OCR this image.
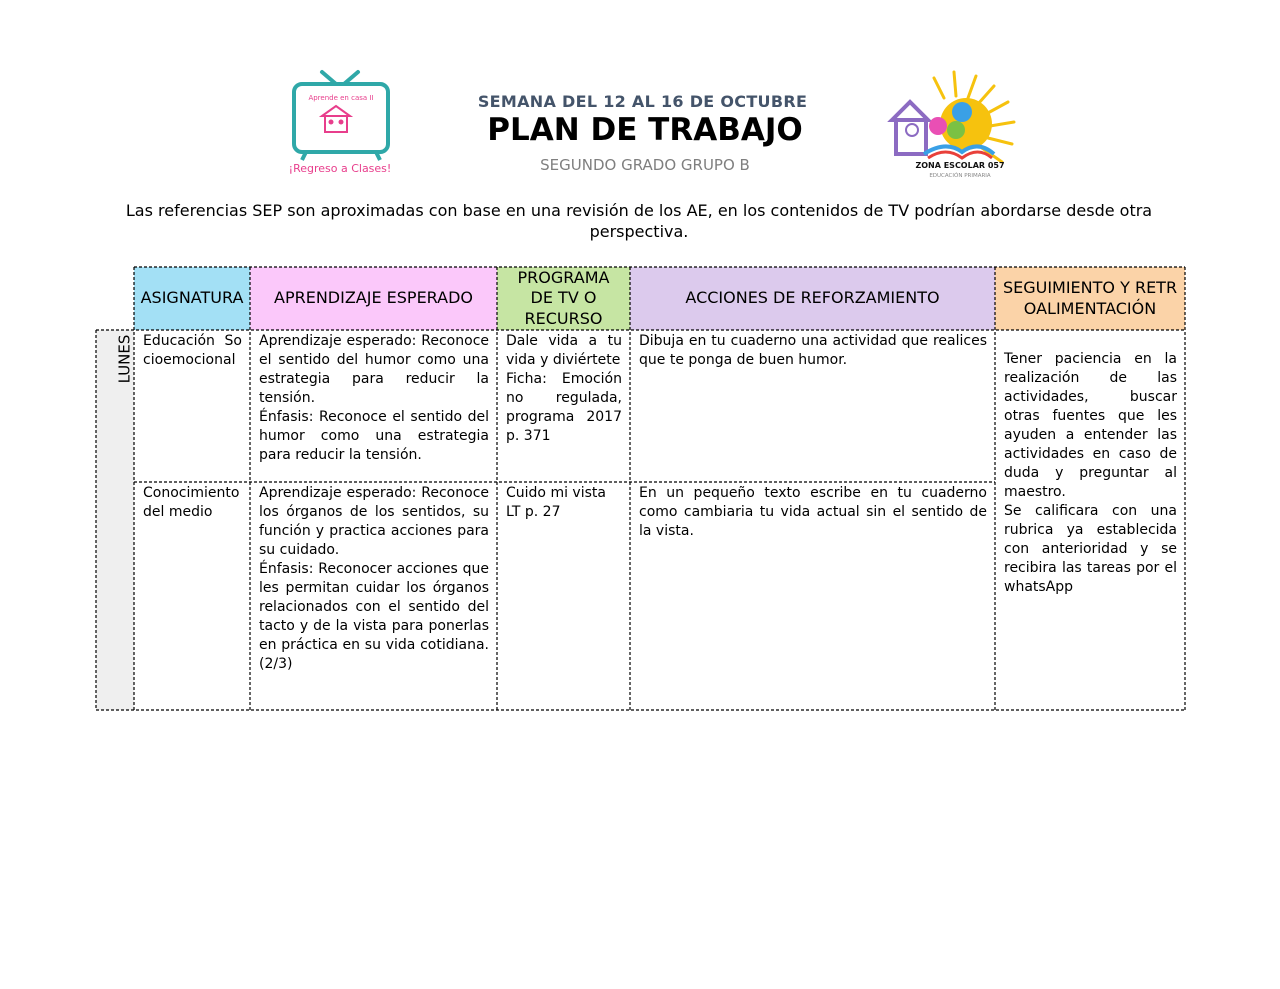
Aprende en casa II
¡Regreso a Clases!	ZONA ESCOLAR 057
EDUCACIÓN PRIMARIA
SEMANA DEL 12 AL 16 DE OCTUBRE
PLAN DE TRABAJO
SEGUNDO GRADO GRUPO B
Las referencias SEP son aproximadas con base en una revisión de los AE, en los contenidos de TV podrían abordarse desde otra perspectiva.
ASIGNATURA	APRENDIZAJE ESPERADO
PROGRAMA DE TV O RECURSO
ACCIONES DE REFORZAMIENTO
SEGUIMIENTO Y RETROALIMENTACIÓN
LUNES Educación Socioemocional
Aprendizaje esperado: Reconoce el sentido del humor como una estrategia para reducir la tensión.
Énfasis: Reconoce el sentido del humor como una estrategia para reducir la tensión.
Dale vida a tu vida y diviértete
Ficha: Emoción no regulada, programa 2017 p. 371
Dibuja en tu cuaderno una actividad que realices que te ponga de buen humor.
Conocimiento del medio
Aprendizaje esperado: Reconoce los órganos de los sentidos, su función y practica acciones para su cuidado.
Énfasis: Reconocer acciones que les permitan cuidar los órganos relacionados con el sentido del tacto y de la vista para ponerlas en práctica en su vida cotidiana. (2/3)
Cuido mi vista
LT p. 27
En un pequeño texto escribe en tu cuaderno como cambiaria tu vida actual sin el sentido de la vista.
Tener paciencia en la realización de las actividades, buscar otras fuentes que les ayuden a entender las actividades en caso de duda y preguntar al maestro.
Se calificara con una rubrica ya establecida con anterioridad y se recibira las tareas por el whatsApp
